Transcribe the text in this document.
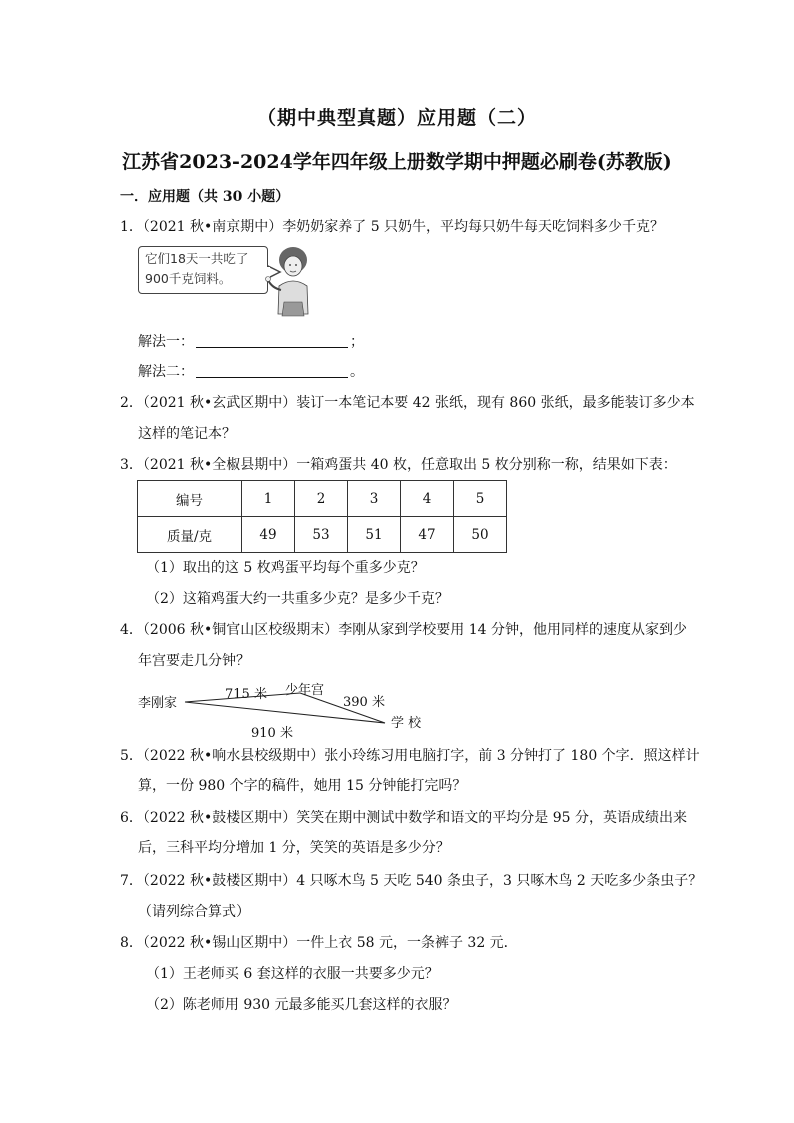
（期中典型真题）应用题（二）
江苏省2023-2024学年四年级上册数学期中押题必刷卷(苏教版)
一．应用题（共 30 小题）
1．（2021 秋•南京期中）李奶奶家养了 5 只奶牛，平均每只奶牛每天吃饲料多少千克？
它们18天一共吃了
900千克饲料。
解法一：	；
解法二：	。
2．（2021 秋•玄武区期中）装订一本笔记本要 42 张纸，现有 860 张纸，最多能装订多少本
这样的笔记本？
3．（2021 秋•全椒县期中）一箱鸡蛋共 40 枚，任意取出 5 枚分别称一称，结果如下表：
编号	1	2	3	4	5
质量/克	49	53	51	47	50
（1）取出的这 5 枚鸡蛋平均每个重多少克？
（2）这箱鸡蛋大约一共重多少克？是多少千克？
4．（2006 秋•铜官山区校级期末）李刚从家到学校要用 14 分钟，他用同样的速度从家到少
年宫要走几分钟？
李刚家
少年宫
学 校
715 米
390 米
910 米
5．（2022 秋•响水县校级期中）张小玲练习用电脑打字，前 3 分钟打了 180 个字．照这样计
算，一份 980 个字的稿件，她用 15 分钟能打完吗？
6．（2022 秋•鼓楼区期中）笑笑在期中测试中数学和语文的平均分是 95 分，英语成绩出来
后，三科平均分增加 1 分，笑笑的英语是多少分？
7．（2022 秋•鼓楼区期中）4 只啄木鸟 5 天吃 540 条虫子，3 只啄木鸟 2 天吃多少条虫子？
（请列综合算式）
8．（2022 秋•锡山区期中）一件上衣 58 元，一条裤子 32 元．
（1）王老师买 6 套这样的衣服一共要多少元？
（2）陈老师用 930 元最多能买几套这样的衣服？
